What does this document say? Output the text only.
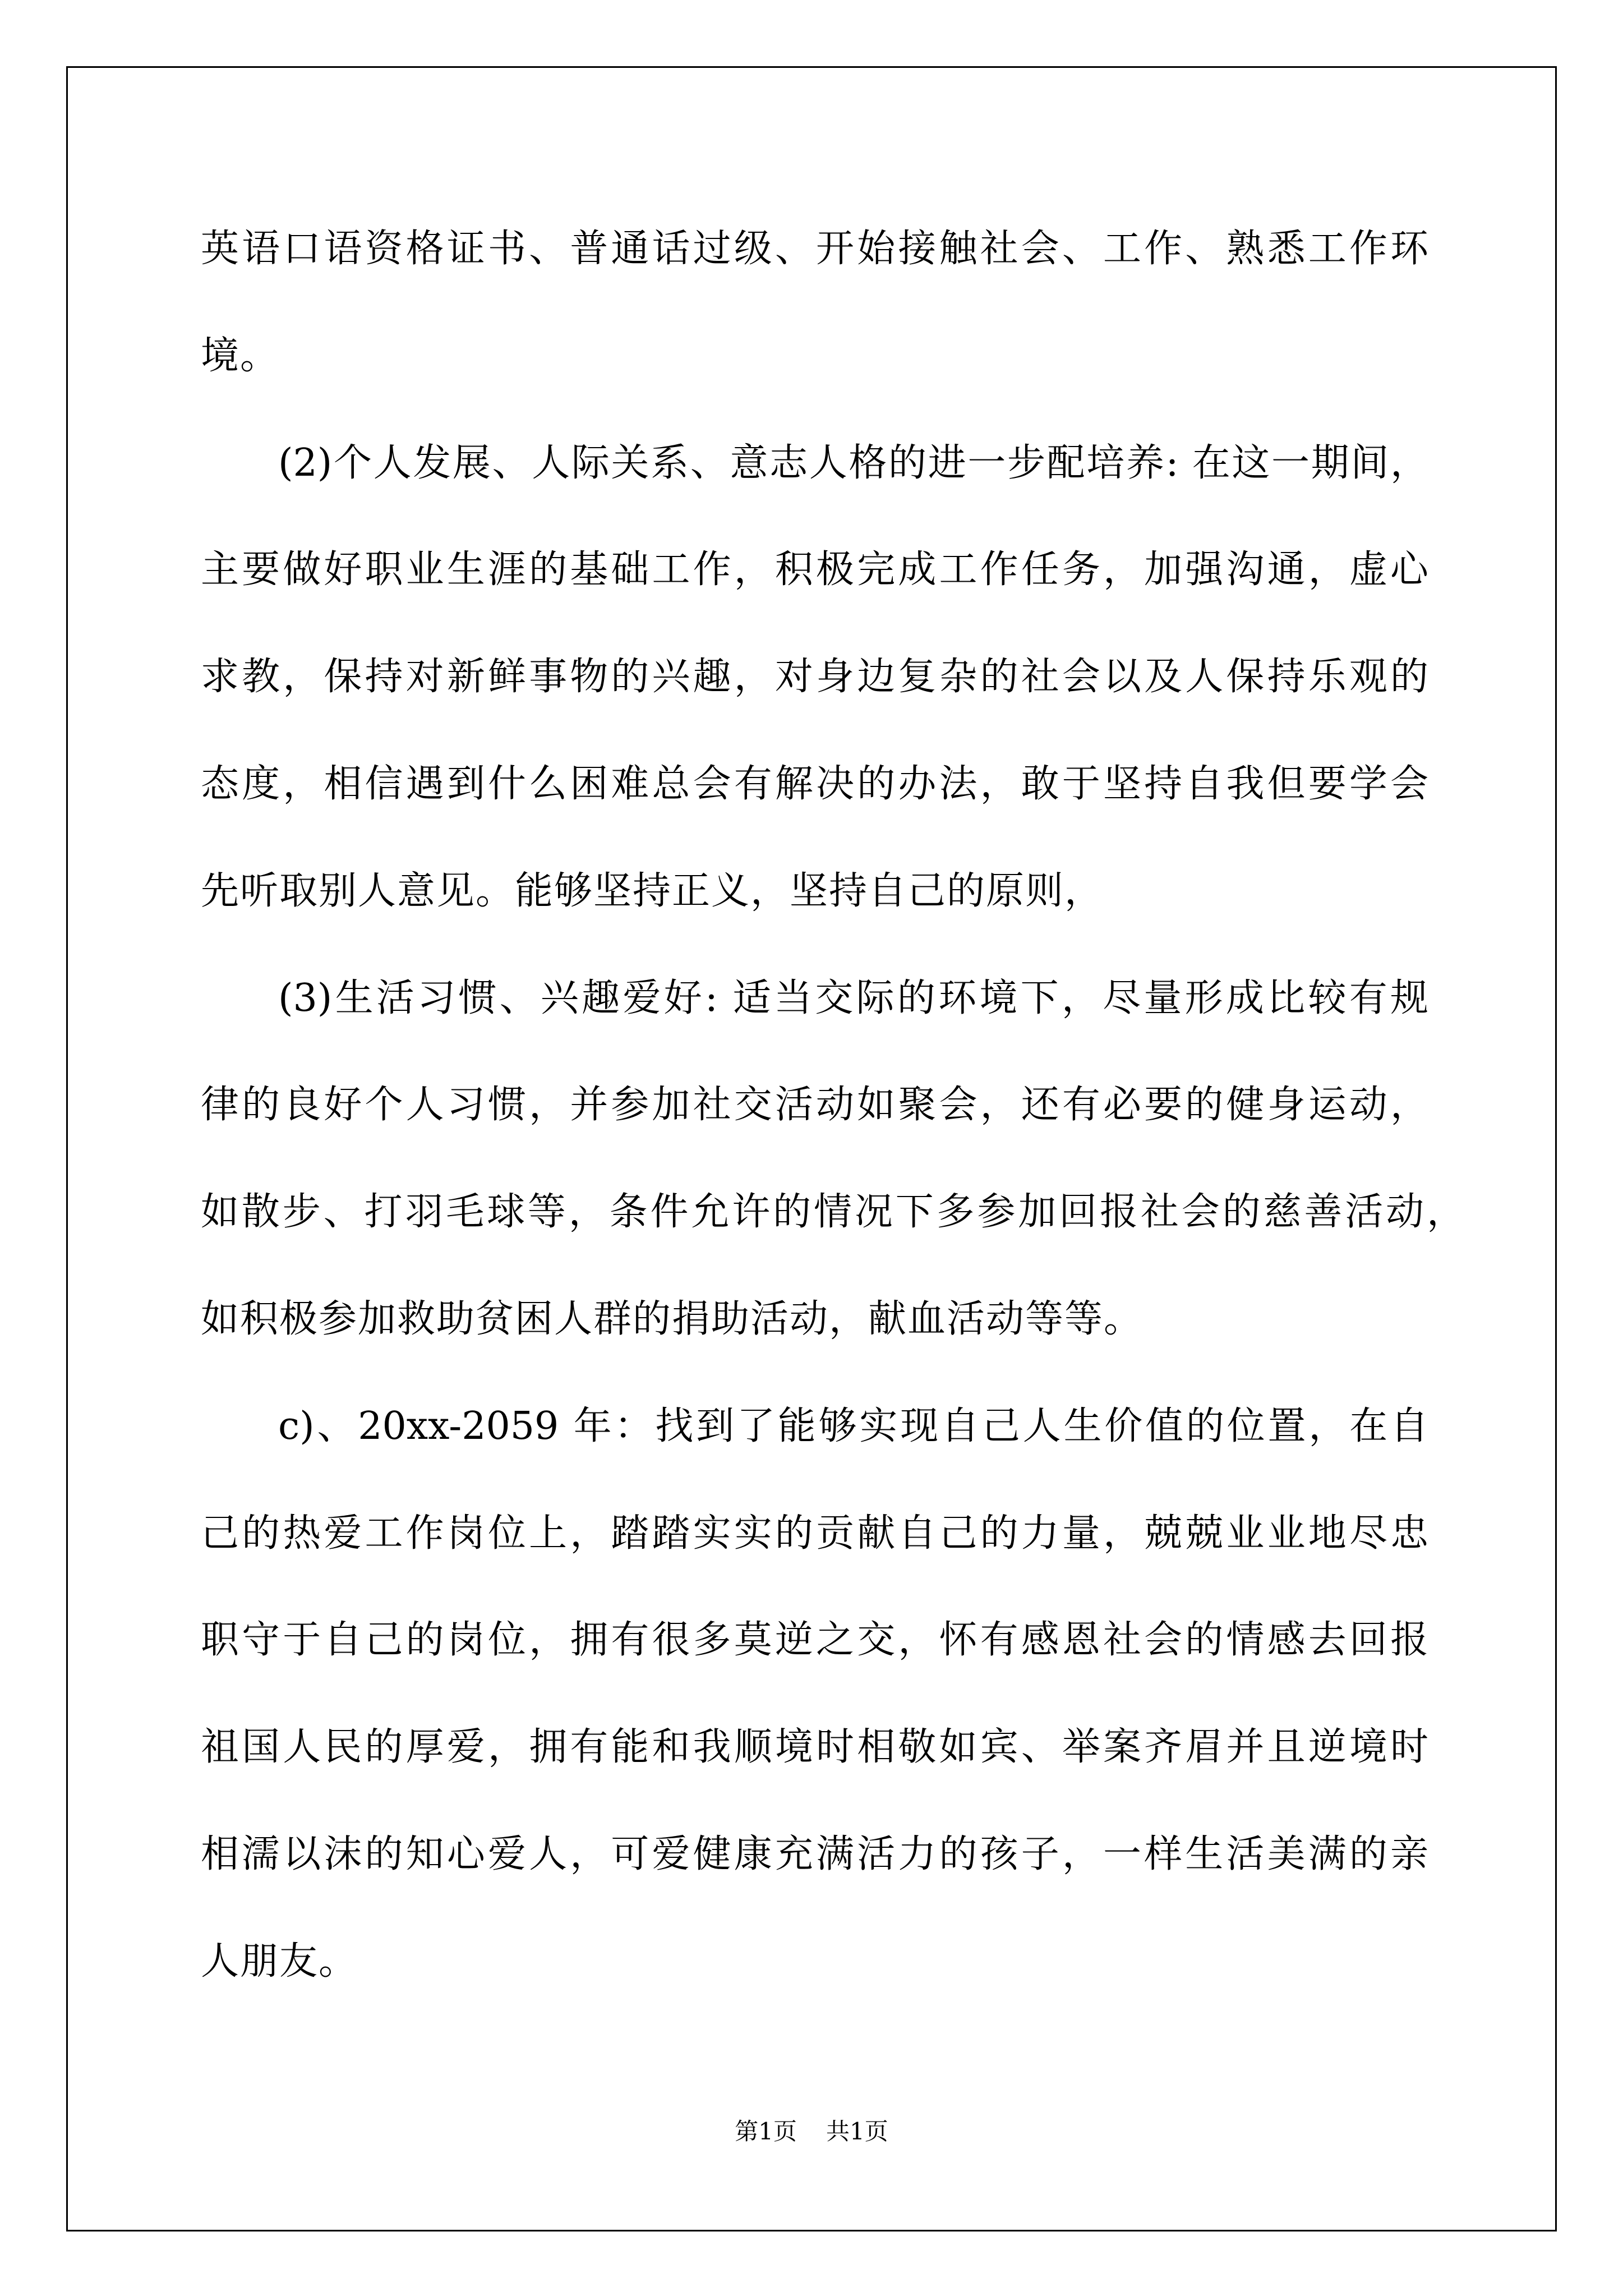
英语口语资格证书、普通话过级、开始接触社会、工作、熟悉工作环
境。
(2)个人发展、人际关系、意志人格的进一步配培养: 在这一期间，
主要做好职业生涯的基础工作，积极完成工作任务，加强沟通，虚心
求教，保持对新鲜事物的兴趣，对身边复杂的社会以及人保持乐观的
态度，相信遇到什么困难总会有解决的办法，敢于坚持自我但要学会
先听取别人意见。能够坚持正义，坚持自己的原则，
(3)生活习惯、兴趣爱好: 适当交际的环境下，尽量形成比较有规
律的良好个人习惯，并参加社交活动如聚会，还有必要的健身运动，
如散步、打羽毛球等，条件允许的情况下多参加回报社会的慈善活动，
如积极参加救助贫困人群的捐助活动，献血活动等等。
c)、20xx-2059 年：找到了能够实现自己人生价值的位置，在自
己的热爱工作岗位上，踏踏实实的贡献自己的力量，兢兢业业地尽忠
职守于自己的岗位，拥有很多莫逆之交，怀有感恩社会的情感去回报
祖国人民的厚爱，拥有能和我顺境时相敬如宾、举案齐眉并且逆境时
相濡以沫的知心爱人，可爱健康充满活力的孩子，一样生活美满的亲
人朋友。
第1页 共1页
